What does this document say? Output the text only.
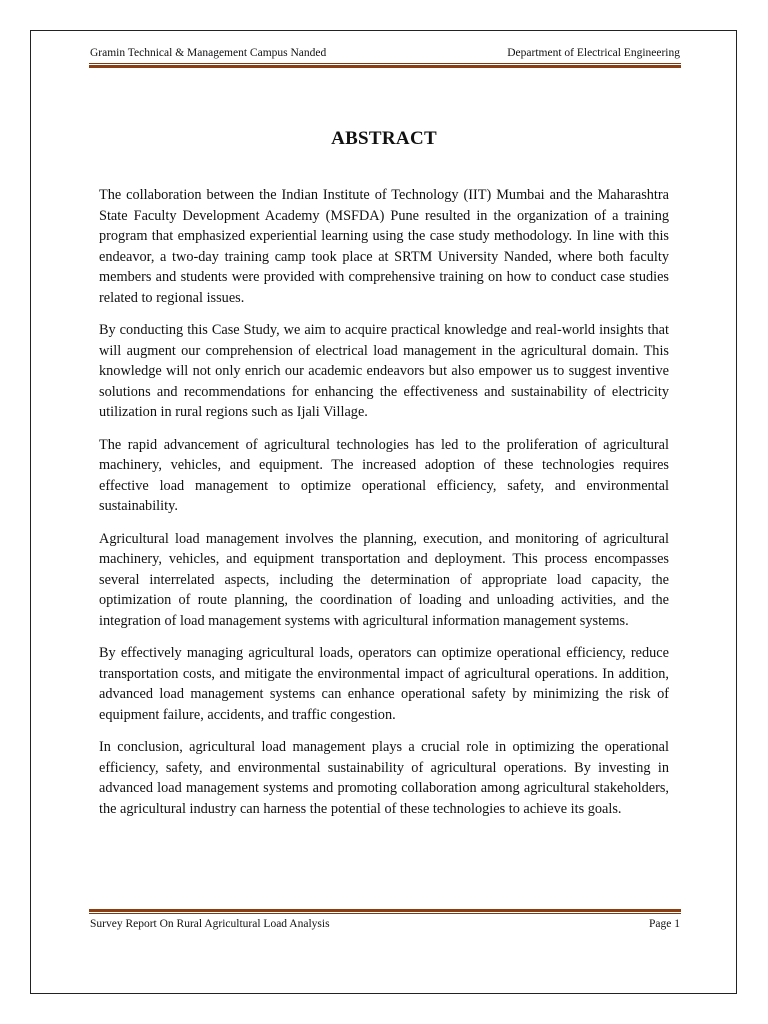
Gramin Technical & Management Campus Nanded	Department of Electrical Engineering
ABSTRACT

The collaboration between the Indian Institute of Technology (IIT) Mumbai and the Maharashtra State Faculty Development Academy (MSFDA) Pune resulted in the organization of a training program that emphasized experiential learning using the case study methodology. In line with this endeavor, a two-day training camp took place at SRTM University Nanded, where both faculty members and students were provided with comprehensive training on how to conduct case studies related to regional issues.

By conducting this Case Study, we aim to acquire practical knowledge and real-world insights that will augment our comprehension of electrical load management in the agricultural domain. This knowledge will not only enrich our academic endeavors but also empower us to suggest inventive solutions and recommendations for enhancing the effectiveness and sustainability of electricity utilization in rural regions such as Ijali Village.

The rapid advancement of agricultural technologies has led to the proliferation of agricultural machinery, vehicles, and equipment. The increased adoption of these technologies requires effective load management to optimize operational efficiency, safety, and environmental sustainability.

Agricultural load management involves the planning, execution, and monitoring of agricultural machinery, vehicles, and equipment transportation and deployment. This process encompasses several interrelated aspects, including the determination of appropriate load capacity, the optimization of route planning, the coordination of loading and unloading activities, and the integration of load management systems with agricultural information management systems.

By effectively managing agricultural loads, operators can optimize operational efficiency, reduce transportation costs, and mitigate the environmental impact of agricultural operations. In addition, advanced load management systems can enhance operational safety by minimizing the risk of equipment failure, accidents, and traffic congestion.

In conclusion, agricultural load management plays a crucial role in optimizing the operational efficiency, safety, and environmental sustainability of agricultural operations. By investing in advanced load management systems and promoting collaboration among agricultural stakeholders, the agricultural industry can harness the potential of these technologies to achieve its goals.

Survey Report On Rural Agricultural Load Analysis	Page 1
